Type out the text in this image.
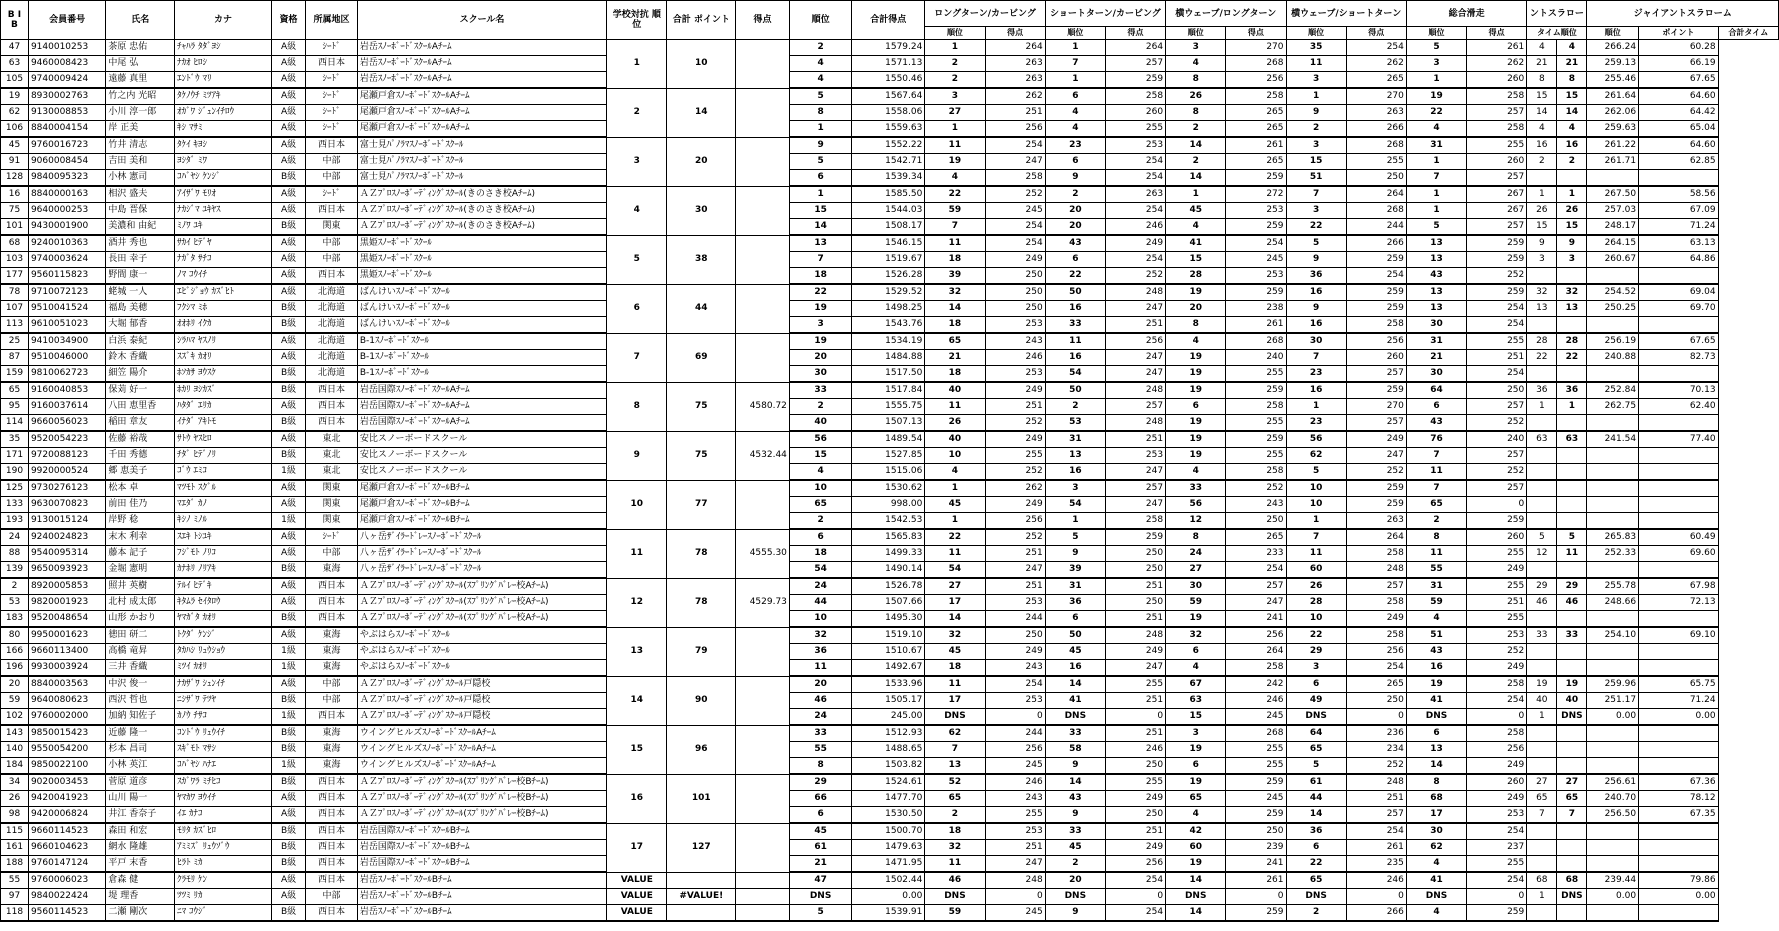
B I B	会員番号	氏名	カナ	資格	所属地区	スクール名	学校対抗 順位	合計 ポイント	得点	順位	合計得点	ロングターン/カービング		ショートターン/カービング		横ウェーブ/ロングターン		横ウェーブ/ショートターン		総合滑走		ントスラロー		ジャイアントスラローム		
												順位	得点	順位	得点	順位	得点	順位	得点	順位	得点	タイム順位		順位	ポイント	合計タイム
47	9140010253	茶原 忠佑	ﾁｬﾊﾗ ﾀﾀﾞﾖｼ	A級	ｼｰﾄﾞ	岩岳ｽﾉｰﾎﾞｰﾄﾞｽｸｰﾙAﾁｰﾑ	1	10		2	1579.24	1	264	1	264	3	270	35	254	5	261	4	4	266.24	60.28	
63	9460008423	中尾 弘	ﾅｶｵ ﾋﾛｼ	A級	西日本	岩岳ｽﾉｰﾎﾞｰﾄﾞｽｸｰﾙAﾁｰﾑ				4	1571.13	2	263	7	257	4	268	11	262	3	262	21	21	259.13	66.19	
105	9740009424	遠藤 真里	ｴﾝﾄﾞｳ ﾏﾘ	A級	ｼｰﾄﾞ	岩岳ｽﾉｰﾎﾞｰﾄﾞｽｸｰﾙAﾁｰﾑ				4	1550.46	2	263	1	259	8	256	3	265	1	260	8	8	255.46	67.65	
19	8930002763	竹之内 光昭	ﾀｹﾉｳﾁ ﾐﾂｱｷ	A級	ｼｰﾄﾞ	尾瀬戸倉ｽﾉｰﾎﾞｰﾄﾞｽｸｰﾙAﾁｰﾑ	2	14		5	1567.64	3	262	6	258	26	258	1	270	19	258	15	15	261.64	64.60	
62	9130008853	小川 淳一郎	ｵｶﾞﾜ ｼﾞｭﾝｲﾁﾛｳ	A級	ｼｰﾄﾞ	尾瀬戸倉ｽﾉｰﾎﾞｰﾄﾞｽｸｰﾙAﾁｰﾑ				8	1558.06	27	251	4	260	8	265	9	263	22	257	14	14	262.06	64.42	
106	8840004154	岸 正美	ｷｼ ﾏｻﾐ	A級	ｼｰﾄﾞ	尾瀬戸倉ｽﾉｰﾎﾞｰﾄﾞｽｸｰﾙAﾁｰﾑ				1	1559.63	1	256	4	255	2	265	2	266	4	258	4	4	259.63	65.04	
45	9760016723	竹井 清志	ﾀｹｲ ｷﾖｼ	A級	西日本	富士見ﾊﾟﾉﾗﾏｽﾉｰﾎﾞｰﾄﾞｽｸｰﾙ	3	20		9	1552.22	11	254	23	253	14	261	3	268	31	255	16	16	261.22	64.60	
91	9060008454	吉田 美和	ﾖｼﾀﾞ ﾐﾜ	A級	中部	富士見ﾊﾟﾉﾗﾏｽﾉｰﾎﾞｰﾄﾞｽｸｰﾙ				5	1542.71	19	247	6	254	2	265	15	255	1	260	2	2	261.71	62.85	
128	9840095323	小林 憲司	ｺﾊﾞﾔｼ ｹﾝｼﾞ	B級	中部	富士見ﾊﾟﾉﾗﾏｽﾉｰﾎﾞｰﾄﾞｽｸｰﾙ				6	1539.34	4	258	9	254	14	259	51	250	7	257					
16	8840000163	相沢 盛夫	ｱｲｻﾞﾜ ﾓﾘｵ	A級	ｼｰﾄﾞ	ＡＺﾌﾟﾛｽﾉｰﾎﾞｰﾃﾞｨﾝｸﾞｽｸｰﾙ(きのさき校Aﾁｰﾑ)	4	30		1	1585.50	22	252	2	263	1	272	7	264	1	267	1	1	267.50	58.56	
75	9640000253	中島 晋保	ﾅｶｼﾞﾏ ﾕｷﾔｽ	A級	西日本	ＡＺﾌﾟﾛｽﾉｰﾎﾞｰﾃﾞｨﾝｸﾞｽｸｰﾙ(きのさき校Aﾁｰﾑ)				15	1544.03	59	245	20	254	45	253	3	268	1	267	26	26	257.03	67.09	
101	9430001900	美濃和 由紀	ﾐﾉﾜ ﾕｷ	B級	関東	ＡＺﾌﾟﾛｽﾉｰﾎﾞｰﾃﾞｨﾝｸﾞｽｸｰﾙ(きのさき校Aﾁｰﾑ)				14	1508.17	7	254	20	246	4	259	22	244	5	257	15	15	248.17	71.24	
68	9240010363	酒井 秀也	ｻｶｲ ﾋﾃﾞﾔ	A級	中部	黒姫ｽﾉｰﾎﾞｰﾄﾞｽｸｰﾙ	5	38		13	1546.15	11	254	43	249	41	254	5	266	13	259	9	9	264.15	63.13	
103	9740003624	長田 幸子	ﾅｶﾞﾀ ｻﾁｺ	A級	中部	黒姫ｽﾉｰﾎﾞｰﾄﾞｽｸｰﾙ				7	1519.67	18	249	6	254	15	245	9	259	13	259	3	3	260.67	64.86	
177	9560115823	野間 康一	ﾉﾏ ｺｳｲﾁ	A級	西日本	黒姫ｽﾉｰﾎﾞｰﾄﾞｽｸｰﾙ				18	1526.28	39	250	22	252	28	253	36	254	43	252					
78	9710072123	蛯城 一人	ｴﾋﾞｼﾞｮｳ ｶｽﾞﾋﾄ	A級	北海道	ばんけいｽﾉｰﾎﾞｰﾄﾞｽｸｰﾙ	6	44		22	1529.52	32	250	50	248	19	259	16	259	13	259	32	32	254.52	69.04	
107	9510041524	福島 美穂	ﾌｸｼﾏ ﾐﾎ	B級	北海道	ばんけいｽﾉｰﾎﾞｰﾄﾞｽｸｰﾙ				19	1498.25	14	250	16	247	20	238	9	259	13	254	13	13	250.25	69.70	
113	9610051023	大堀 郁香	ｵｵﾎﾘ ｲｸｶ	B級	北海道	ばんけいｽﾉｰﾎﾞｰﾄﾞｽｸｰﾙ				3	1543.76	18	253	33	251	8	261	16	258	30	254					
25	9410034900	白浜 泰紀	ｼﾗﾊﾏ ﾔｽﾉﾘ	A級	北海道	B-1ｽﾉｰﾎﾞｰﾄﾞｽｸｰﾙ	7	69		19	1534.19	65	243	11	256	4	268	30	256	31	255	28	28	256.19	67.65	
87	9510046000	鈴木 香織	ｽｽﾞｷ ｶｵﾘ	A級	北海道	B-1ｽﾉｰﾎﾞｰﾄﾞｽｸｰﾙ				20	1484.88	21	246	16	247	19	240	7	260	21	251	22	22	240.88	82.73	
159	9810062723	細笠 陽介	ﾎｿｶｻ ﾖｳｽｹ	B級	北海道	B-1ｽﾉｰﾎﾞｰﾄﾞｽｸｰﾙ				30	1517.50	18	253	54	247	19	255	23	257	30	254					
65	9160040853	保苅 好一	ﾎｶﾘ ﾖｼｶｽﾞ	B級	西日本	岩岳国際ｽﾉｰﾎﾞｰﾄﾞｽｸｰﾙAﾁｰﾑ	8	75	4580.72	33	1517.84	40	249	50	248	19	259	16	259	64	250	36	36	252.84	70.13	
95	9160037614	八田 恵里香	ﾊﾀﾀﾞ ｴﾘｶ	A級	西日本	岩岳国際ｽﾉｰﾎﾞｰﾄﾞｽｸｰﾙAﾁｰﾑ				2	1555.75	11	251	2	257	6	258	1	270	6	257	1	1	262.75	62.40	
114	9660056023	稲田 章友	ｲﾅﾀﾞ ｱｷﾄﾓ	B級	西日本	岩岳国際ｽﾉｰﾎﾞｰﾄﾞｽｸｰﾙAﾁｰﾑ				40	1507.13	26	252	53	248	19	255	23	257	43	252					
35	9520054223	佐藤 裕哉	ｻﾄｳ ﾔｽﾋﾛ	A級	東北	安比スノーボードスクール	9	75	4532.44	56	1489.54	40	249	31	251	19	259	56	249	76	240	63	63	241.54	77.40	
171	9720088123	千田 秀德	ﾁﾀﾞ ﾋﾃﾞﾉﾘ	B級	東北	安比スノーボードスクール				15	1527.85	10	255	13	253	19	255	62	247	7	257					
190	9920000524	郷 恵美子	ｺﾞｳ ｴﾐｺ	1級	東北	安比スノーボードスクール				4	1515.06	4	252	16	247	4	258	5	252	11	252					
125	9730276123	松本 卓	ﾏﾂﾓﾄ ｽｸﾞﾙ	A級	関東	尾瀬戸倉ｽﾉｰﾎﾞｰﾄﾞｽｸｰﾙBﾁｰﾑ	10	77		10	1530.62	1	262	3	257	33	252	10	259	7	257					
133	9630070823	前田 佳乃	ﾏｴﾀﾞ ｶﾉ	A級	関東	尾瀬戸倉ｽﾉｰﾎﾞｰﾄﾞｽｸｰﾙBﾁｰﾑ				65	998.00	45	249	54	247	56	243	10	259	65	0					
193	9130015124	岸野 稔	ｷｼﾉ ﾐﾉﾙ	1級	関東	尾瀬戸倉ｽﾉｰﾎﾞｰﾄﾞｽｸｰﾙBﾁｰﾑ				2	1542.53	1	256	1	258	12	250	1	263	2	259					
24	9240024823	末木 利幸	ｽｴｷ ﾄｼﾕｷ	A級	ｼｰﾄﾞ	八ヶ岳ｻﾞｲﾗｰﾄﾞﾚｰｽﾉｰﾎﾞｰﾄﾞｽｸｰﾙ	11	78	4555.30	6	1565.83	22	252	5	259	8	265	7	264	8	260	5	5	265.83	60.49	
88	9540095314	藤本 記子	ﾌｼﾞﾓﾄ ﾉﾘｺ	A級	中部	八ヶ岳ｻﾞｲﾗｰﾄﾞﾚｰｽﾉｰﾎﾞｰﾄﾞｽｸｰﾙ				18	1499.33	11	251	9	250	24	233	11	258	11	255	12	11	252.33	69.60	
139	9650093923	金堀 憲明	ｶﾅﾎﾘ ﾉﾘｱｷ	B級	東海	八ヶ岳ｻﾞｲﾗｰﾄﾞﾚｰｽﾉｰﾎﾞｰﾄﾞｽｸｰﾙ				54	1490.14	54	247	39	250	27	254	60	248	55	249					
2	8920005853	照井 英樹	ﾃﾙｲ ﾋﾃﾞｷ	A級	西日本	ＡＺﾌﾟﾛｽﾉｰﾎﾞｰﾃﾞｨﾝｸﾞｽｸｰﾙ(ｽﾌﾟﾘﾝｸﾞﾊﾞﾚｰ校Aﾁｰﾑ)	12	78	4529.73	24	1526.78	27	251	31	251	30	257	26	257	31	255	29	29	255.78	67.98	
53	9820001923	北村 成太郎	ｷﾀﾑﾗ ｾｲﾀﾛｳ	A級	西日本	ＡＺﾌﾟﾛｽﾉｰﾎﾞｰﾃﾞｨﾝｸﾞｽｸｰﾙ(ｽﾌﾟﾘﾝｸﾞﾊﾞﾚｰ校Aﾁｰﾑ)				44	1507.66	17	253	36	250	59	247	28	258	59	251	46	46	248.66	72.13	
183	9520048654	山形 かおり	ﾔﾏｶﾞﾀ ｶｵﾘ	B級	西日本	ＡＺﾌﾟﾛｽﾉｰﾎﾞｰﾃﾞｨﾝｸﾞｽｸｰﾙ(ｽﾌﾟﾘﾝｸﾞﾊﾞﾚｰ校Aﾁｰﾑ)				10	1495.30	14	244	6	251	19	241	10	249	4	255					
80	9950001623	徳田 研二	ﾄｸﾀﾞ ｹﾝｼﾞ	A級	東海	やぶはらｽﾉｰﾎﾞｰﾄﾞｽｸｰﾙ	13	79		32	1519.10	32	250	50	248	32	256	22	258	51	253	33	33	254.10	69.10	
166	9660113400	高橋 竜昇	ﾀｶﾊｼ ﾘｭｳｼｮｳ	1級	東海	やぶはらｽﾉｰﾎﾞｰﾄﾞｽｸｰﾙ				36	1510.67	45	249	45	249	6	264	29	256	43	252					
196	9930003924	三井 香織	ﾐﾂｲ ｶｵﾘ	1級	東海	やぶはらｽﾉｰﾎﾞｰﾄﾞｽｸｰﾙ				11	1492.67	18	243	16	247	4	258	3	254	16	249					
20	8840003563	中沢 俊一	ﾅｶｻﾞﾜ ｼｭﾝｲﾁ	A級	中部	ＡＺﾌﾟﾛｽﾉｰﾎﾞｰﾃﾞｨﾝｸﾞｽｸｰﾙ戸隠校	14	90		20	1533.96	11	254	14	255	67	242	6	265	19	258	19	19	259.96	65.75	
59	9640080623	西沢 哲也	ﾆｼｻﾞﾜ ﾃﾂﾔ	B級	中部	ＡＺﾌﾟﾛｽﾉｰﾎﾞｰﾃﾞｨﾝｸﾞｽｸｰﾙ戸隠校				46	1505.17	17	253	41	251	63	246	49	250	41	254	40	40	251.17	71.24	
102	9760002000	加納 知佐子	ｶﾉｳ ﾁｻｺ	1級	西日本	ＡＺﾌﾟﾛｽﾉｰﾎﾞｰﾃﾞｨﾝｸﾞｽｸｰﾙ戸隠校				24	245.00	DNS	0	DNS	0	15	245	DNS	0	DNS	0	1	DNS	0.00	0.00	
143	9850015423	近藤 隆一	ｺﾝﾄﾞｳ ﾘｭｳｲﾁ	B級	東海	ウイングヒルズｽﾉｰﾎﾞｰﾄﾞｽｸｰﾙAﾁｰﾑ	15	96		33	1512.93	62	244	33	251	3	268	64	236	6	258					
140	9550054200	杉本 昌司	ｽｷﾞﾓﾄ ﾏｻｼ	B級	東海	ウイングヒルズｽﾉｰﾎﾞｰﾄﾞｽｸｰﾙAﾁｰﾑ				55	1488.65	7	256	58	246	19	255	65	234	13	256					
184	9850022100	小林 英江	ｺﾊﾞﾔｼ ﾊﾅｴ	1級	東海	ウイングヒルズｽﾉｰﾎﾞｰﾄﾞｽｸｰﾙAﾁｰﾑ				8	1503.82	13	245	9	250	6	255	5	252	14	249					
34	9020003453	菅原 道彦	ｽｶﾞﾜﾗ ﾐﾁﾋｺ	B級	西日本	ＡＺﾌﾟﾛｽﾉｰﾎﾞｰﾃﾞｨﾝｸﾞｽｸｰﾙ(ｽﾌﾟﾘﾝｸﾞﾊﾞﾚｰ校Bﾁｰﾑ)	16	101		29	1524.61	52	246	14	255	19	259	61	248	8	260	27	27	256.61	67.36	
26	9420041923	山川 陽一	ﾔﾏｶﾜ ﾖｳｲﾁ	A級	西日本	ＡＺﾌﾟﾛｽﾉｰﾎﾞｰﾃﾞｨﾝｸﾞｽｸｰﾙ(ｽﾌﾟﾘﾝｸﾞﾊﾞﾚｰ校Bﾁｰﾑ)				66	1477.70	65	243	43	249	65	245	44	251	68	249	65	65	240.70	78.12	
98	9420006824	井江 香奈子	ｲｴ ｶﾅｺ	A級	西日本	ＡＺﾌﾟﾛｽﾉｰﾎﾞｰﾃﾞｨﾝｸﾞｽｸｰﾙ(ｽﾌﾟﾘﾝｸﾞﾊﾞﾚｰ校Bﾁｰﾑ)				6	1530.50	2	255	9	250	4	259	14	257	17	253	7	7	256.50	67.35	
115	9660114523	森田 和宏	ﾓﾘﾀ ｶｽﾞﾋﾛ	B級	西日本	岩岳国際ｽﾉｰﾎﾞｰﾄﾞｽｸｰﾙBﾁｰﾑ	17	127		45	1500.70	18	253	33	251	42	250	36	254	30	254					
161	9660104623	網水 隆雄	ｱﾐﾐｽﾞ ﾘｭｳｿﾞｳ	B級	西日本	岩岳国際ｽﾉｰﾎﾞｰﾄﾞｽｸｰﾙBﾁｰﾑ				61	1479.63	32	251	45	249	60	239	6	261	62	237					
188	9760147124	平戸 末香	ﾋﾗﾄ ﾐｶ	B級	西日本	岩岳国際ｽﾉｰﾎﾞｰﾄﾞｽｸｰﾙBﾁｰﾑ				21	1471.95	11	247	2	256	19	241	22	235	4	255					
55	9760006023	倉森 健	ｸﾗﾓﾘ ｹﾝ	A級	西日本	岩岳ｽﾉｰﾎﾞｰﾄﾞｽｸｰﾙBﾁｰﾑ	VALUE			47	1502.44	46	248	20	254	14	261	65	246	41	254	68	68	239.44	79.86	
97	9840022424	堤 理香	ﾂﾂﾐ ﾘｶ	A級	中部	岩岳ｽﾉｰﾎﾞｰﾄﾞｽｸｰﾙBﾁｰﾑ	VALUE	#VALUE!		DNS	0.00	DNS	0	DNS	0	DNS	0	DNS	0	DNS	0	1	DNS	0.00	0.00	
118	9560114523	二瀬 剛次	ﾆﾏ ｺｳｼﾞ	B級	西日本	岩岳ｽﾉｰﾎﾞｰﾄﾞｽｸｰﾙBﾁｰﾑ	VALUE			5	1539.91	59	245	9	254	14	259	2	266	4	259					
